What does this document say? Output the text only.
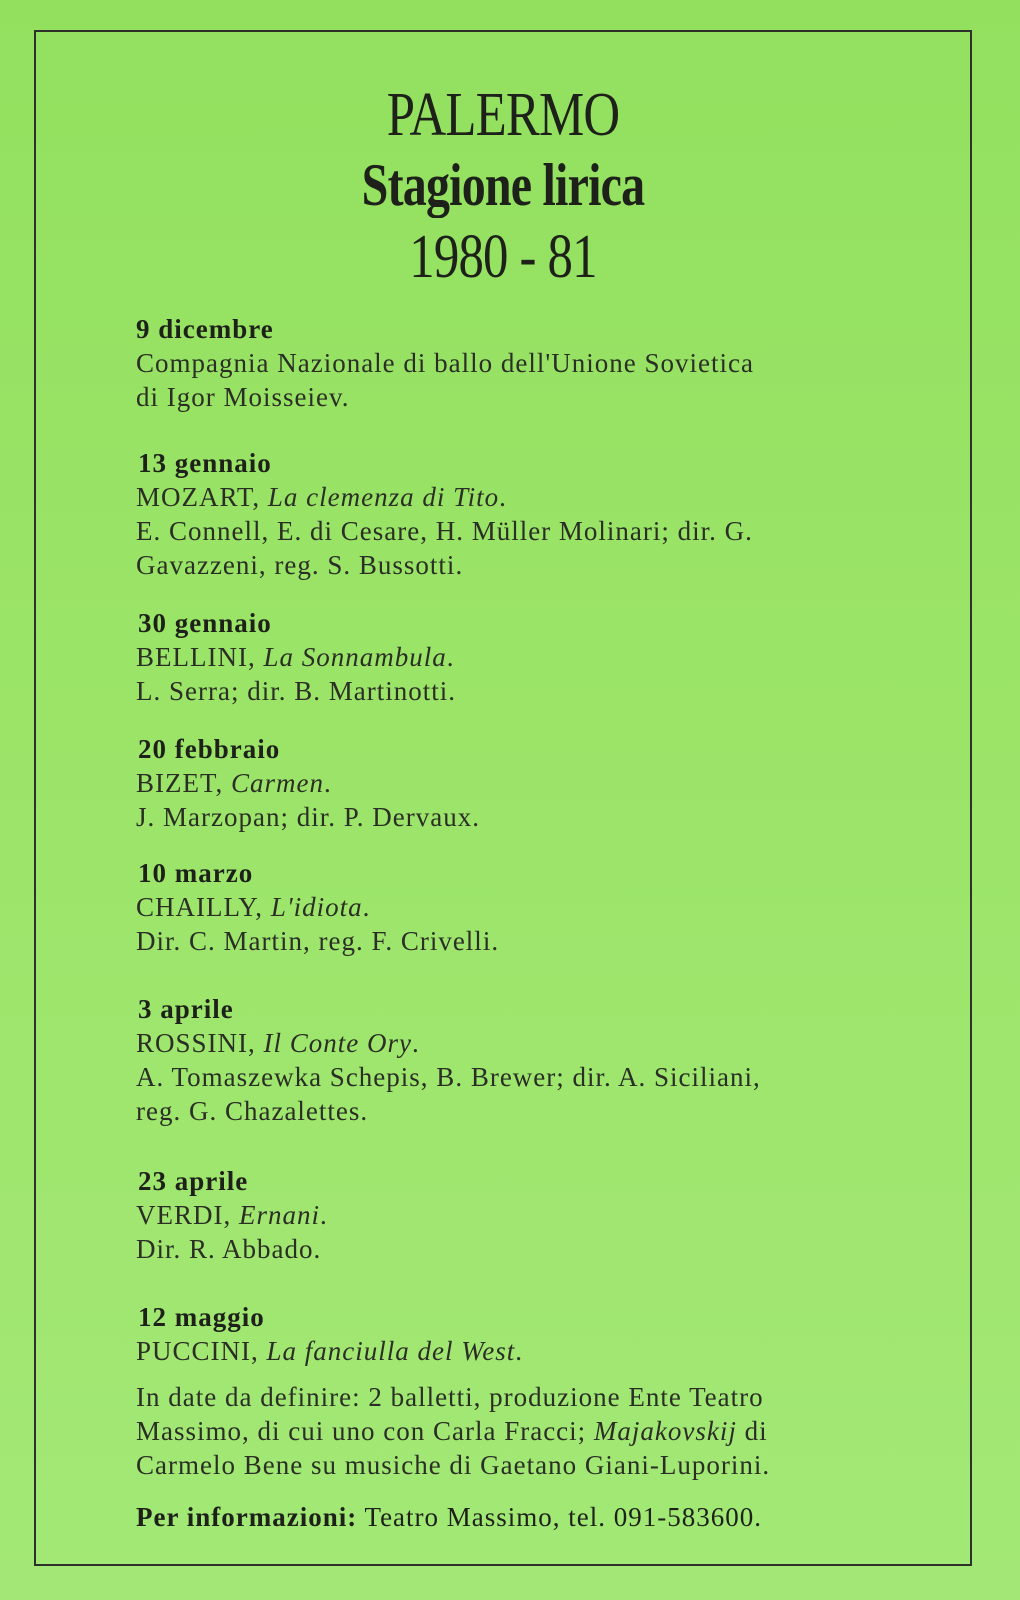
PALERMO
Stagione lirica
1980 - 81
9 dicembre
Compagnia Nazionale di ballo dell'Unione Sovietica
di Igor Moisseiev.
13 gennaio
MOZART, La clemenza di Tito.
E. Connell, E. di Cesare, H. Müller Molinari; dir. G.
Gavazzeni, reg. S. Bussotti.
30 gennaio
BELLINI, La Sonnambula.
L. Serra; dir. B. Martinotti.
20 febbraio
BIZET, Carmen.
J. Marzopan; dir. P. Dervaux.
10 marzo
CHAILLY, L'idiota.
Dir. C. Martin, reg. F. Crivelli.
3 aprile
ROSSINI, Il Conte Ory.
A. Tomaszewka Schepis, B. Brewer; dir. A. Siciliani,
reg. G. Chazalettes.
23 aprile
VERDI, Ernani.
Dir. R. Abbado.
12 maggio
PUCCINI, La fanciulla del West.
In date da definire: 2 balletti, produzione Ente Teatro
Massimo, di cui uno con Carla Fracci; Majakovskij di
Carmelo Bene su musiche di Gaetano Giani-Luporini.
Per informazioni: Teatro Massimo, tel. 091-583600.
